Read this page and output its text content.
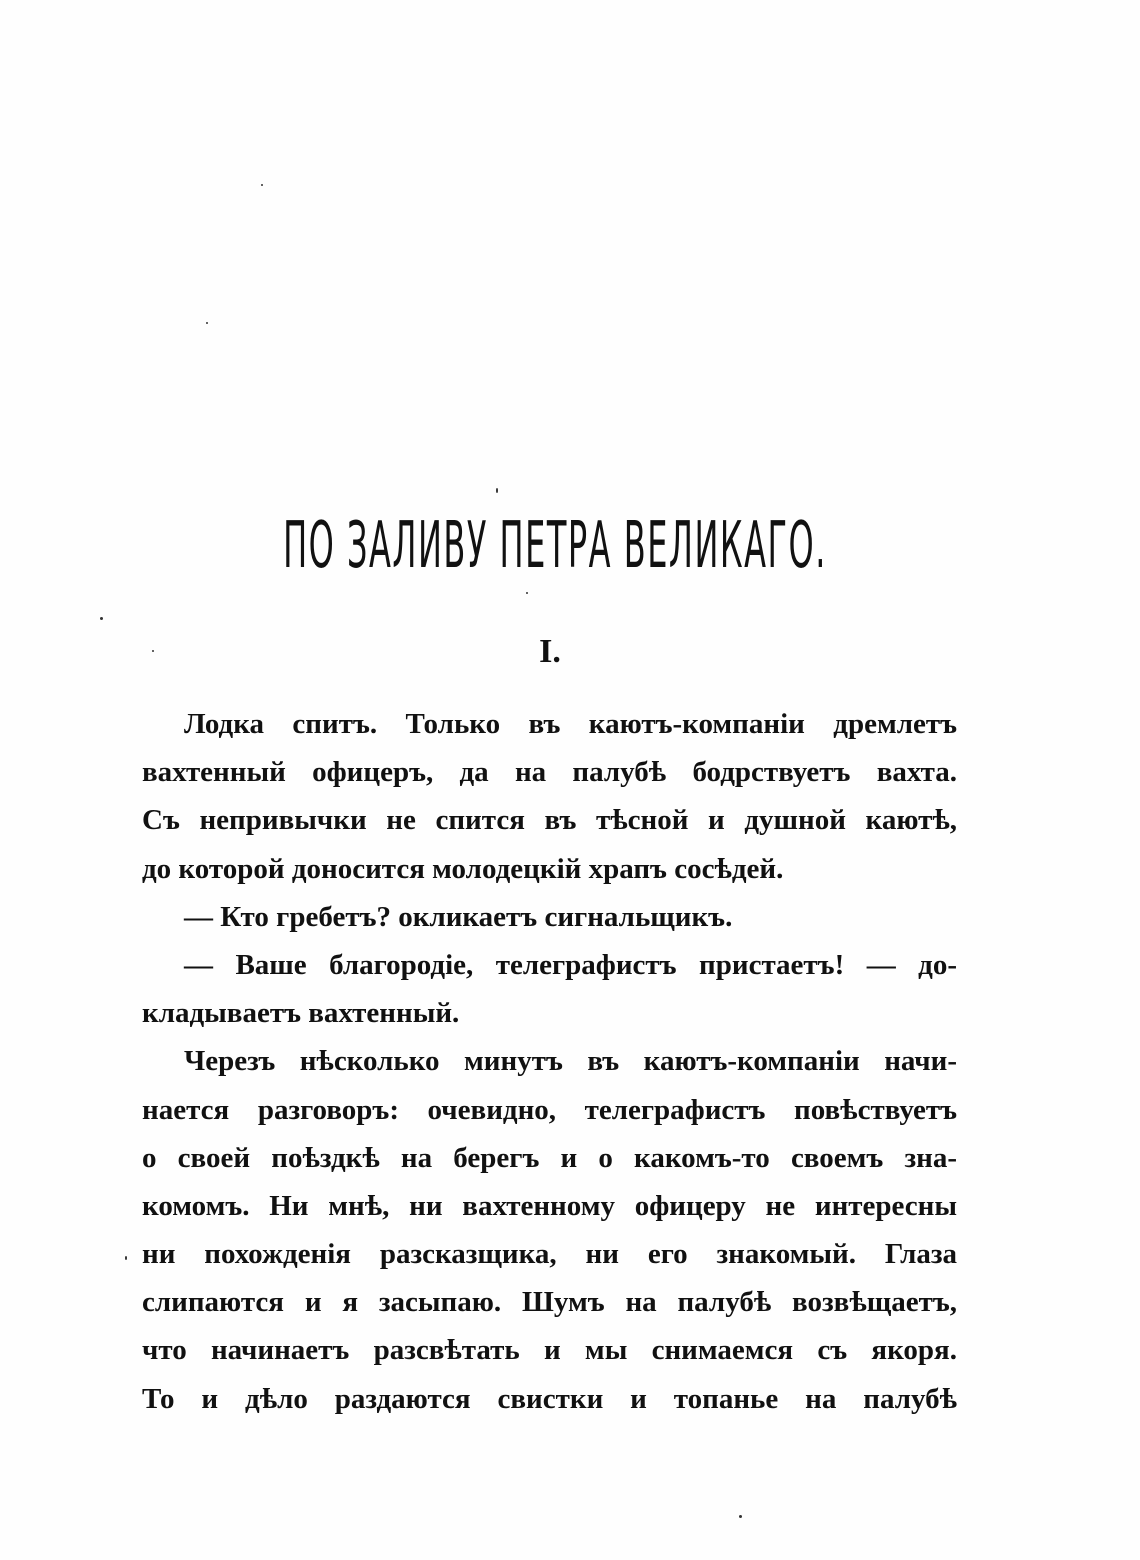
ПО ЗАЛИВУ ПЕТРА ВЕЛИКАГО.
I.
Лодка спитъ. Только въ каютъ-компаніи дремлетъ
вахтенный офицеръ, да на палубѣ бодрствуетъ вахта.
Съ непривычки не спится въ тѣсной и душной каютѣ,
до которой доносится молодецкій храпъ сосѣдей.
— Кто гребетъ? окликаетъ сигнальщикъ.
— Ваше благородіе, телеграфистъ пристаетъ! — до-
кладываетъ вахтенный.
Черезъ нѣсколько минутъ въ каютъ-компаніи начи-
нается разговоръ: очевидно, телеграфистъ повѣствуетъ
о своей поѣздкѣ на берегъ и о какомъ-то своемъ зна-
комомъ. Ни мнѣ, ни вахтенному офицеру не интересны
ни похожденія разсказщика, ни его знакомый. Глаза
слипаются и я засыпаю. Шумъ на палубѣ возвѣщаетъ,
что начинаетъ разсвѣтать и мы снимаемся съ якоря.
То и дѣло раздаются свистки и топанье на палубѣ
